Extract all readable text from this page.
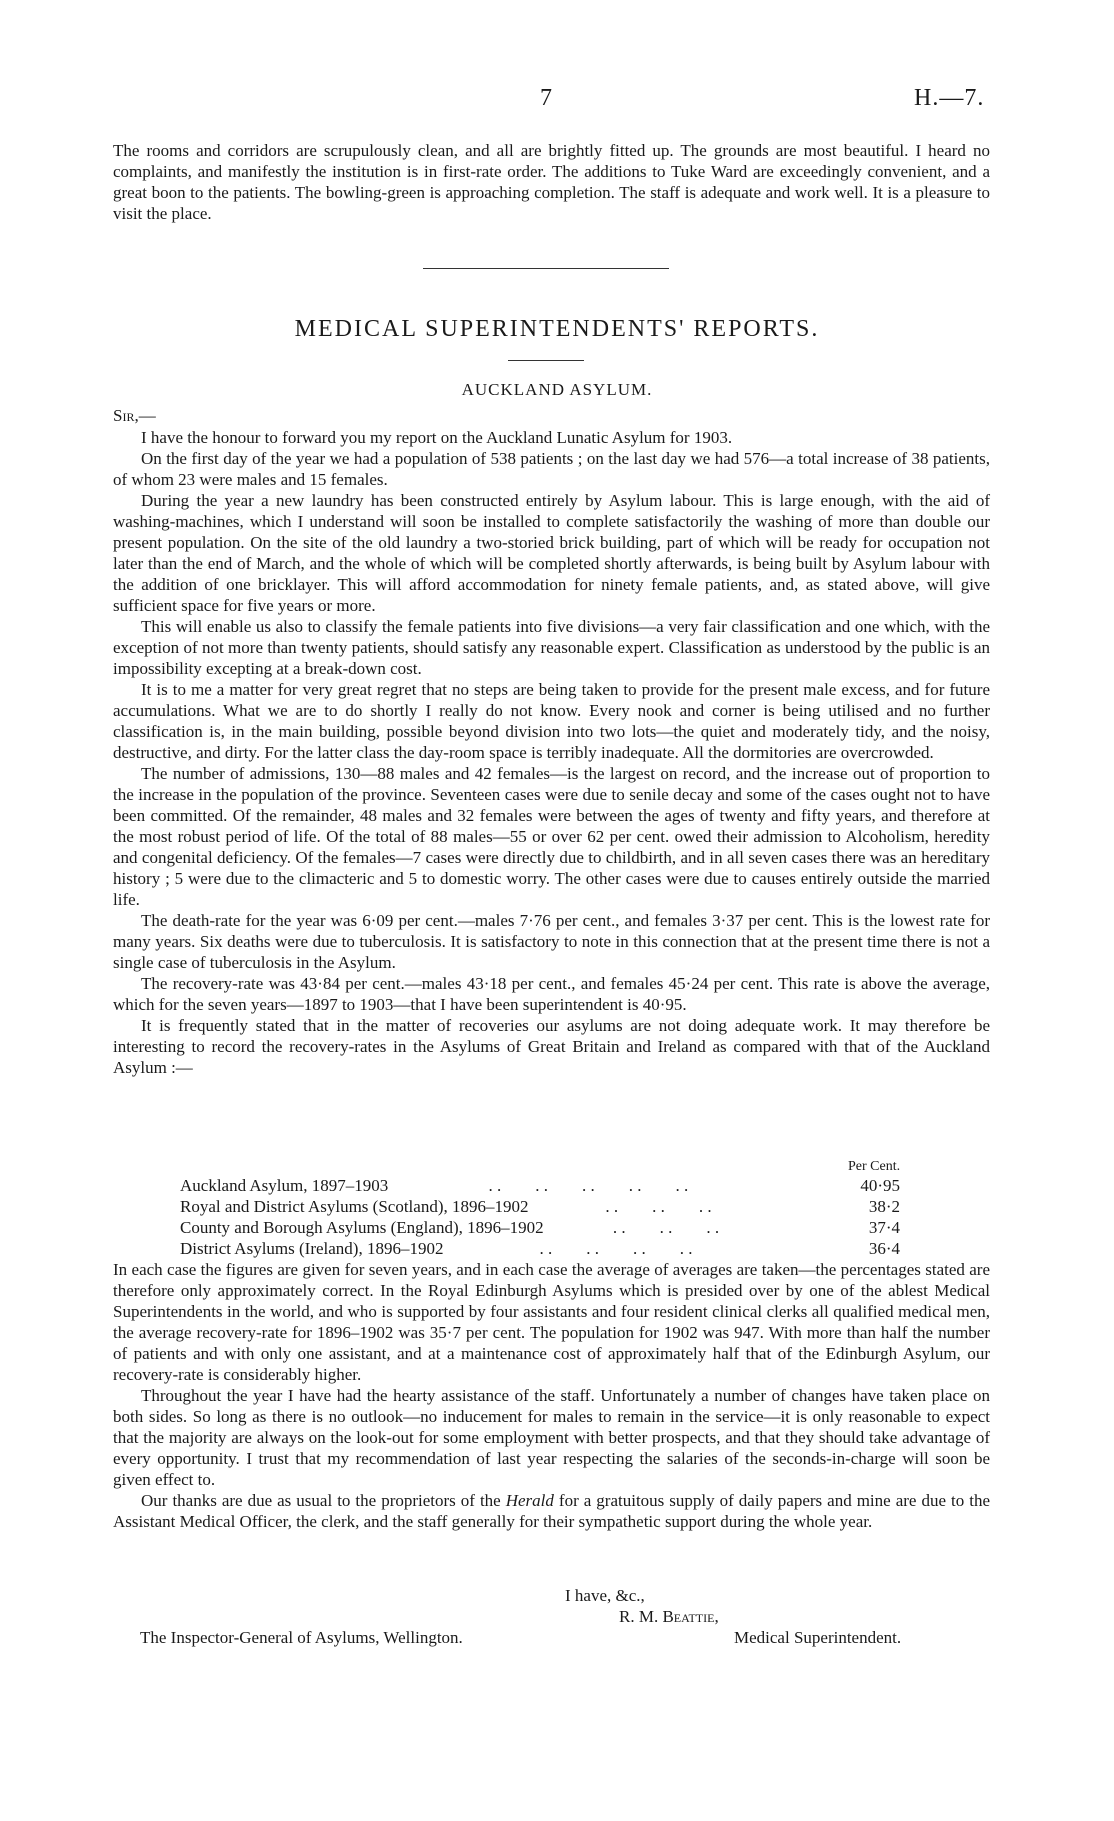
7	H.—7.

The rooms and corridors are scrupulously clean, and all are brightly fitted up. The grounds are most beautiful. I heard no complaints, and manifestly the institution is in first-rate order. The additions to Tuke Ward are exceedingly convenient, and a great boon to the patients. The bowling-green is approaching completion. The staff is adequate and work well. It is a pleasure to visit the place.

MEDICAL SUPERINTENDENTS' REPORTS.
AUCKLAND ASYLUM.
Sir,—

I have the honour to forward you my report on the Auckland Lunatic Asylum for 1903.

On the first day of the year we had a population of 538 patients ; on the last day we had 576—a total increase of 38 patients, of whom 23 were males and 15 females.

During the year a new laundry has been constructed entirely by Asylum labour. This is large enough, with the aid of washing-machines, which I understand will soon be installed to complete satisfactorily the washing of more than double our present population. On the site of the old laundry a two-storied brick building, part of which will be ready for occupation not later than the end of March, and the whole of which will be completed shortly afterwards, is being built by Asylum labour with the addition of one bricklayer. This will afford accommodation for ninety female patients, and, as stated above, will give sufficient space for five years or more.

This will enable us also to classify the female patients into five divisions—a very fair classification and one which, with the exception of not more than twenty patients, should satisfy any reasonable expert. Classification as understood by the public is an impossibility excepting at a break-down cost.

It is to me a matter for very great regret that no steps are being taken to provide for the present male excess, and for future accumulations. What we are to do shortly I really do not know. Every nook and corner is being utilised and no further classification is, in the main building, possible beyond division into two lots—the quiet and moderately tidy, and the noisy, destructive, and dirty. For the latter class the day-room space is terribly inadequate. All the dormitories are overcrowded.

The number of admissions, 130—88 males and 42 females—is the largest on record, and the increase out of proportion to the increase in the population of the province. Seventeen cases were due to senile decay and some of the cases ought not to have been committed. Of the remainder, 48 males and 32 females were between the ages of twenty and fifty years, and therefore at the most robust period of life. Of the total of 88 males—55 or over 62 per cent. owed their admission to Alcoholism, heredity and congenital deficiency. Of the females—7 cases were directly due to childbirth, and in all seven cases there was an hereditary history ; 5 were due to the climacteric and 5 to domestic worry. The other cases were due to causes entirely outside the married life.

The death-rate for the year was 6·09 per cent.—males 7·76 per cent., and females 3·37 per cent. This is the lowest rate for many years. Six deaths were due to tuberculosis. It is satisfactory to note in this connection that at the present time there is not a single case of tuberculosis in the Asylum.

The recovery-rate was 43·84 per cent.—males 43·18 per cent., and females 45·24 per cent. This rate is above the average, which for the seven years—1897 to 1903—that I have been superintendent is 40·95.

It is frequently stated that in the matter of recoveries our asylums are not doing adequate work. It may therefore be interesting to record the recovery-rates in the Asylums of Great Britain and Ireland as compared with that of the Auckland Asylum :—

Per Cent.
Auckland Asylum, 1897–1903	. .        . .        . .        . .        . .	40·95
Royal and District Asylums (Scotland), 1896–1902	. .        . .        . .	38·2
County and Borough Asylums (England), 1896–1902	. .        . .        . .	37·4
District Asylums (Ireland), 1896–1902	. .        . .        . .        . .	36·4

In each case the figures are given for seven years, and in each case the average of averages are taken—the percentages stated are therefore only approximately correct. In the Royal Edinburgh Asylums which is presided over by one of the ablest Medical Superintendents in the world, and who is supported by four assistants and four resident clinical clerks all qualified medical men, the average recovery-rate for 1896–1902 was 35·7 per cent. The population for 1902 was 947. With more than half the number of patients and with only one assistant, and at a maintenance cost of approximately half that of the Edinburgh Asylum, our recovery-rate is considerably higher.

Throughout the year I have had the hearty assistance of the staff. Unfortunately a number of changes have taken place on both sides. So long as there is no outlook—no inducement for males to remain in the service—it is only reasonable to expect that the majority are always on the look-out for some employment with better prospects, and that they should take advantage of every opportunity. I trust that my recommendation of last year respecting the salaries of the seconds-in-charge will soon be given effect to.

Our thanks are due as usual to the proprietors of the Herald for a gratuitous supply of daily papers and mine are due to the Assistant Medical Officer, the clerk, and the staff generally for their sympathetic support during the whole year.

I have, &c.,
R. M. Beattie,
The Inspector-General of Asylums, Wellington.	Medical Superintendent.
